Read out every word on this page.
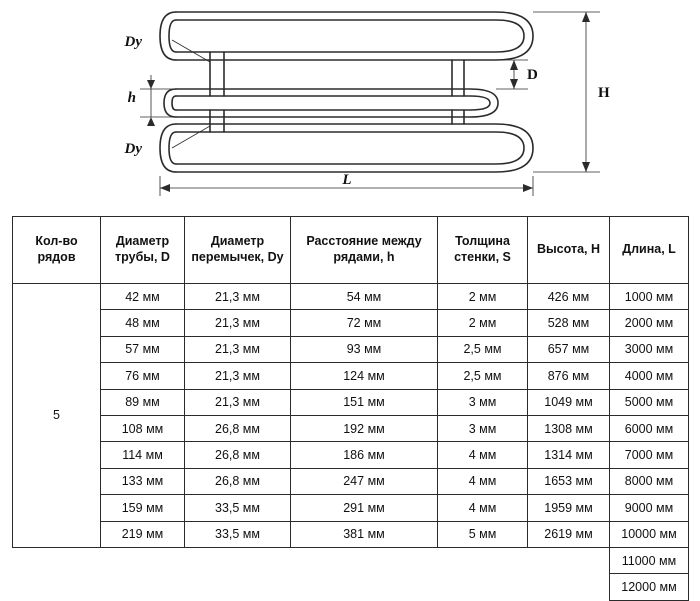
Dy
Dy
h
D
H
L
Кол-во рядов	Диаметр трубы, D	Диаметр перемычек, Dy	Расстояние между рядами, h	Толщина стенки, S	Высота, H	Длина, L
5	42 мм	21,3 мм	54 мм	2 мм	426 мм	1000 мм
	48 мм	21,3 мм	72 мм	2 мм	528 мм	2000 мм
	57 мм	21,3 мм	93 мм	2,5 мм	657 мм	3000 мм
	76 мм	21,3 мм	124 мм	2,5 мм	876 мм	4000 мм
	89 мм	21,3 мм	151 мм	3 мм	1049 мм	5000 мм
	108 мм	26,8 мм	192 мм	3 мм	1308 мм	6000 мм
	114 мм	26,8 мм	186 мм	4 мм	1314 мм	7000 мм
	133 мм	26,8 мм	247 мм	4 мм	1653 мм	8000 мм
	159 мм	33,5 мм	291 мм	4 мм	1959 мм	9000 мм
	219 мм	33,5 мм	381 мм	5 мм	2619 мм	10000 мм
						11000 мм
						12000 мм
